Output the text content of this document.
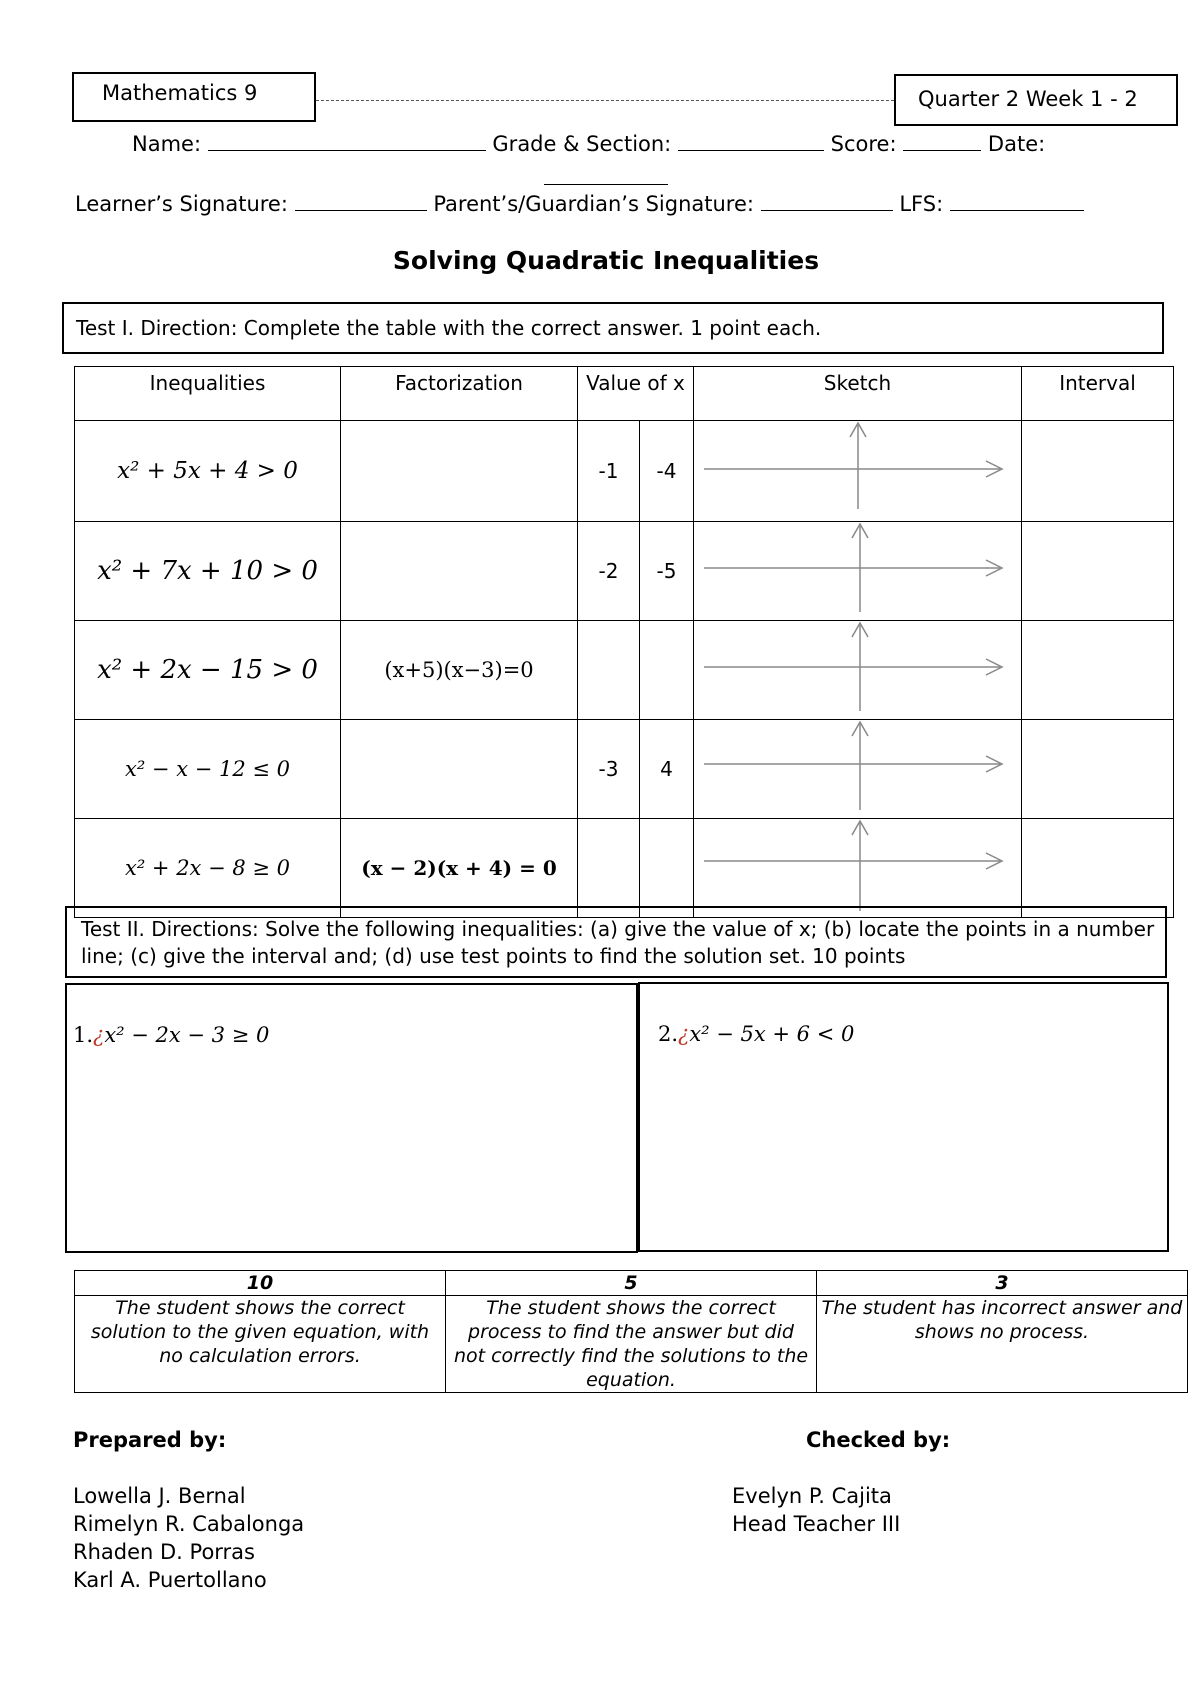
Mathematics 9	Quarter 2 Week 1 - 2
Name:	Grade & Section:	Score:	Date:
Learner’s Signature:	Parent’s/Guardian’s Signature:	LFS:
Solving Quadratic Inequalities
Test I. Direction: Complete the table with the correct answer. 1 point each.
Inequalities	Factorization	Value of x		Sketch	Interval
x² + 5x + 4 > 0		-1	-4		
x² + 7x + 10 > 0		-2	-5		
x² + 2x − 15 > 0	(x+5)(x−3)=0				
x² − x − 12 ≤ 0		-3	4		
x² + 2x − 8 ≥ 0	(x − 2)(x + 4) = 0				
Test II. Directions: Solve the following inequalities: (a) give the value of x; (b) locate the points in a number line; (c) give the interval and; (d) use test points to find the solution set. 10 points
1.¿x² − 2x − 3 ≥ 0	2.¿x² − 5x + 6 < 0
10	5	3
The student shows the correct solution to the given equation, with no calculation errors.	The student shows the correct process to find the answer but did not correctly find the solutions to the equation.	The student has incorrect answer and shows no process.
Prepared by:	Checked by:
Lowella J. Bernal
Rimelyn R. Cabalonga
Rhaden D. Porras
Karl A. Puertollano
Evelyn P. Cajita
Head Teacher III
